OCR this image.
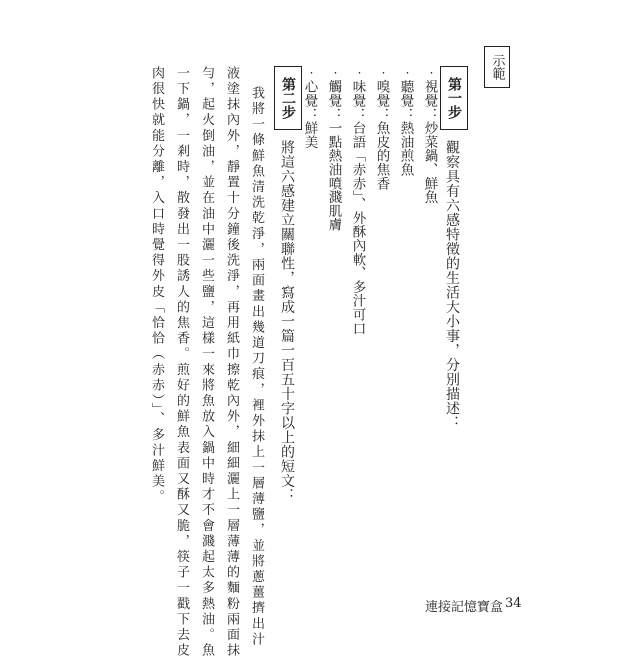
示範
第一步
觀察具有六感特徵的生活大小事，分別描述：
‧視覺：炒菜鍋、鮮魚
‧聽覺：熱油煎魚
‧嗅覺：魚皮的焦香
‧味覺：台語「赤赤」、外酥內軟、多汁可口
‧觸覺：一點熱油噴濺肌膚
‧心覺：鮮美
第二步
將這六感建立關聯性，寫成一篇一百五十字以上的短文：
我將一條鮮魚清洗乾淨，兩面畫出幾道刀痕，裡外抹上一層薄鹽，並將蔥薑擠出汁
液塗抹內外，靜置十分鐘後洗淨，再用紙巾擦乾內外，細細灑上一層薄薄的麵粉兩面抹
勻，起火倒油，並在油中灑一些鹽，這樣一來將魚放入鍋中時才不會濺起太多熱油。魚
一下鍋，一剎時，散發出一股誘人的焦香。煎好的鮮魚表面又酥又脆，筷子一戳下去皮
肉很快就能分離，入口時覺得外皮「恰恰（赤赤）」、多汁鮮美。
連接記憶寶盒 34
